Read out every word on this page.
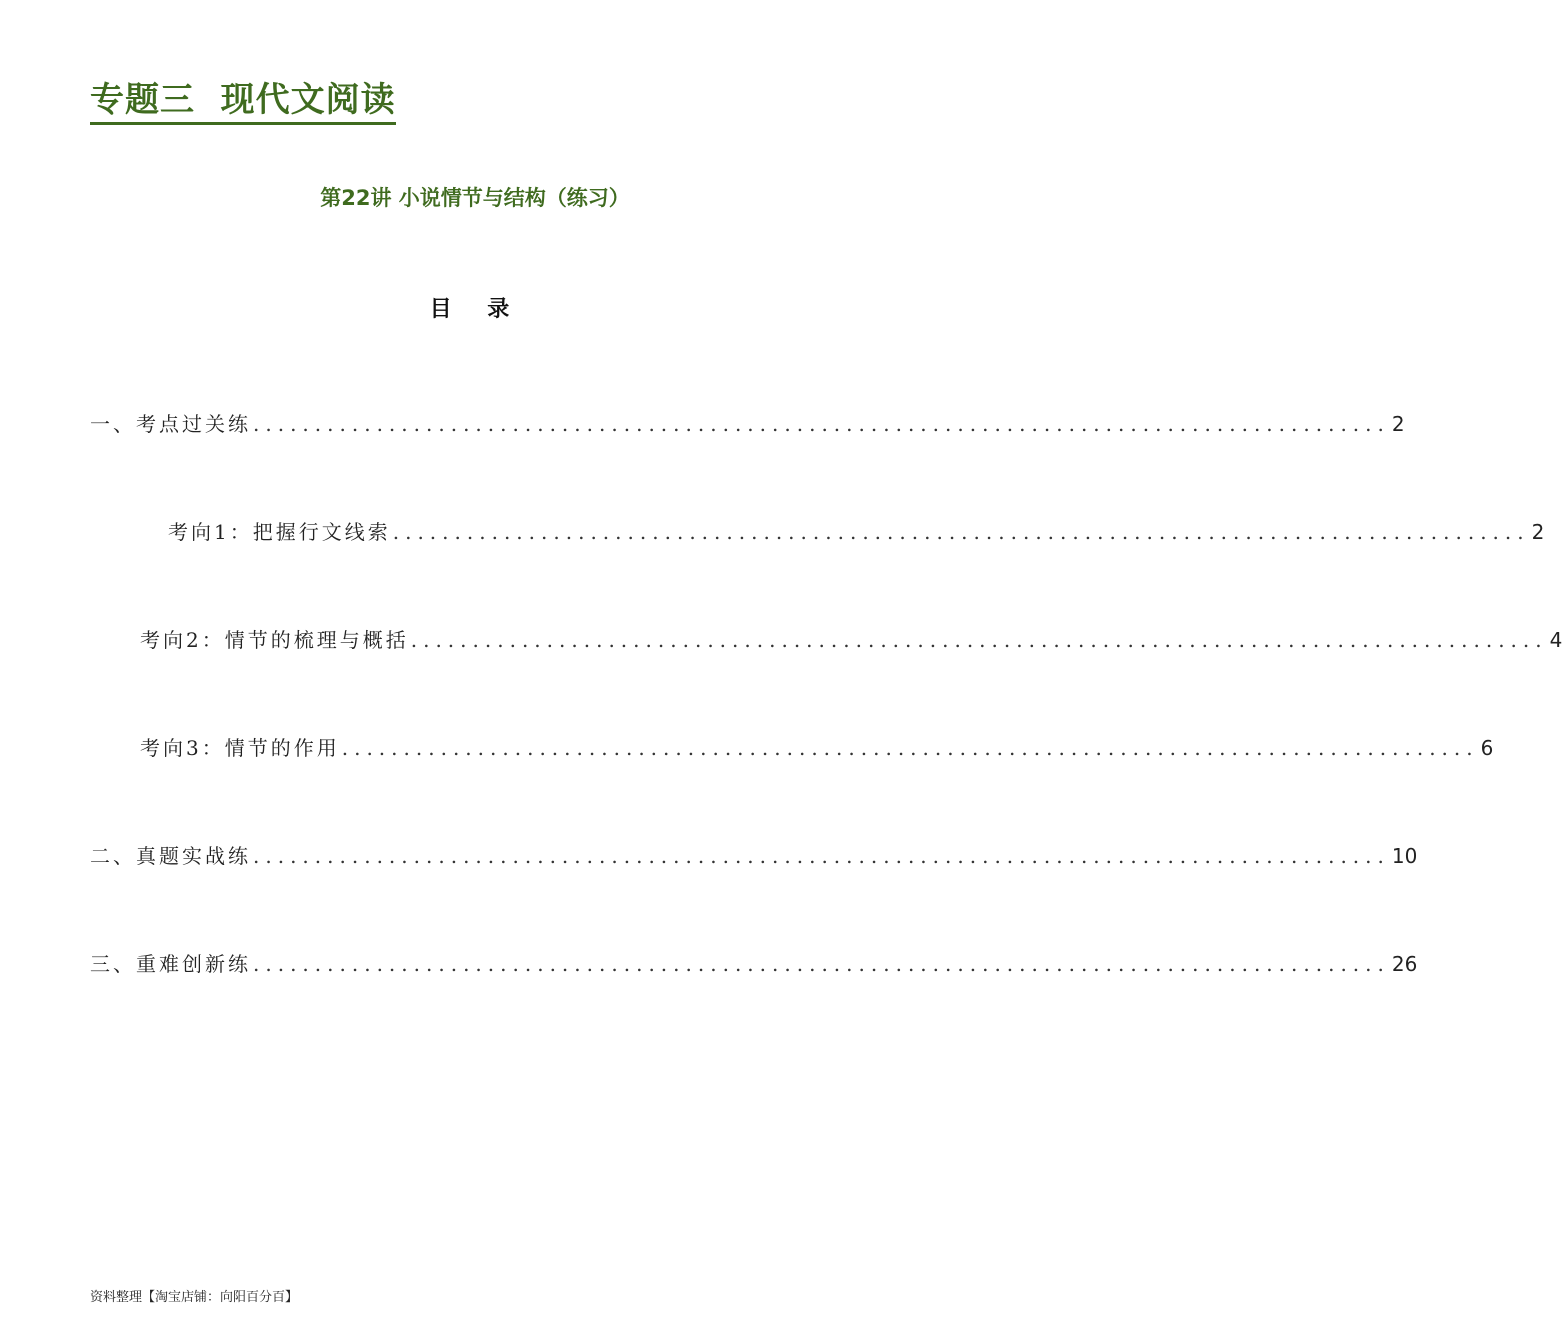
专题三  现代文阅读
第22讲 小说情节与结构（练习）
目    录
一、考点过关练 ............................................................................................ 2
考向1：把握行文线索 ............................................................................................ 2
考向2：情节的梳理与概括 ............................................................................................ 4
考向3：情节的作用 ............................................................................................ 6
二、真题实战练 ............................................................................................ 10
三、重难创新练 ............................................................................................ 26
资料整理【淘宝店铺：向阳百分百】
